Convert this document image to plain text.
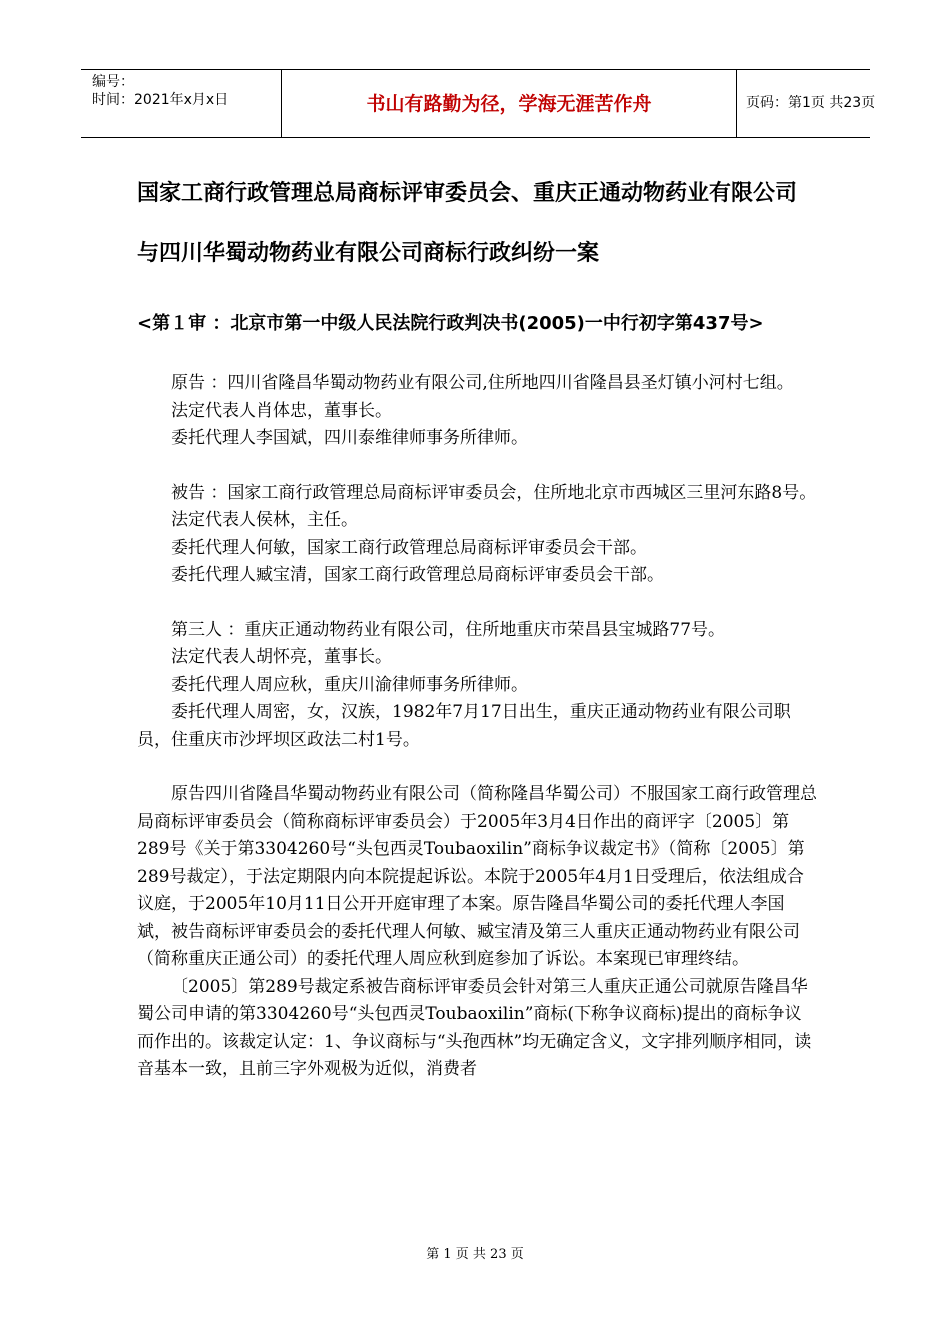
编号：
时间：2021年x月x日	书山有路勤为径，学海无涯苦作舟	页码：第1页 共23页
国家工商行政管理总局商标评审委员会、重庆正通动物药业有限公司
与四川华蜀动物药业有限公司商标行政纠纷一案
<第１审 ：北京市第一中级人民法院行政判决书(2005)一中行初字第437号>

原告 ：四川省隆昌华蜀动物药业有限公司,住所地四川省隆昌县圣灯镇小河村七组。

法定代表人肖体忠，董事长。

委托代理人李国斌，四川泰维律师事务所律师。

被告 ：国家工商行政管理总局商标评审委员会，住所地北京市西城区三里河东路8号。

法定代表人侯林，主任。

委托代理人何敏，国家工商行政管理总局商标评审委员会干部。

委托代理人臧宝清，国家工商行政管理总局商标评审委员会干部。

第三人 ：重庆正通动物药业有限公司，住所地重庆市荣昌县宝城路77号。

法定代表人胡怀亮，董事长。

委托代理人周应秋，重庆川渝律师事务所律师。

委托代理人周密，女，汉族，1982年7月17日出生，重庆正通动物药业有限公司职员，住重庆市沙坪坝区政法二村1号。

原告四川省隆昌华蜀动物药业有限公司（简称隆昌华蜀公司）不服国家工商行政管理总局商标评审委员会（简称商标评审委员会）于2005年3月4日作出的商评字〔2005〕第289号《关于第3304260号“头包西灵Toubaoxilin”商标争议裁定书》（简称〔2005〕第289号裁定），于法定期限内向本院提起诉讼。本院于2005年4月1日受理后，依法组成合议庭，于2005年10月11日公开开庭审理了本案。原告隆昌华蜀公司的委托代理人李国斌，被告商标评审委员会的委托代理人何敏、臧宝清及第三人重庆正通动物药业有限公司（简称重庆正通公司）的委托代理人周应秋到庭参加了诉讼。本案现已审理终结。

〔2005〕第289号裁定系被告商标评审委员会针对第三人重庆正通公司就原告隆昌华蜀公司申请的第3304260号“头包西灵Toubaoxilin”商标(下称争议商标)提出的商标争议而作出的。该裁定认定：1、争议商标与“头孢西林”均无确定含义，文字排列顺序相同，读音基本一致，且前三字外观极为近似，消费者

第 1 页 共 23 页
